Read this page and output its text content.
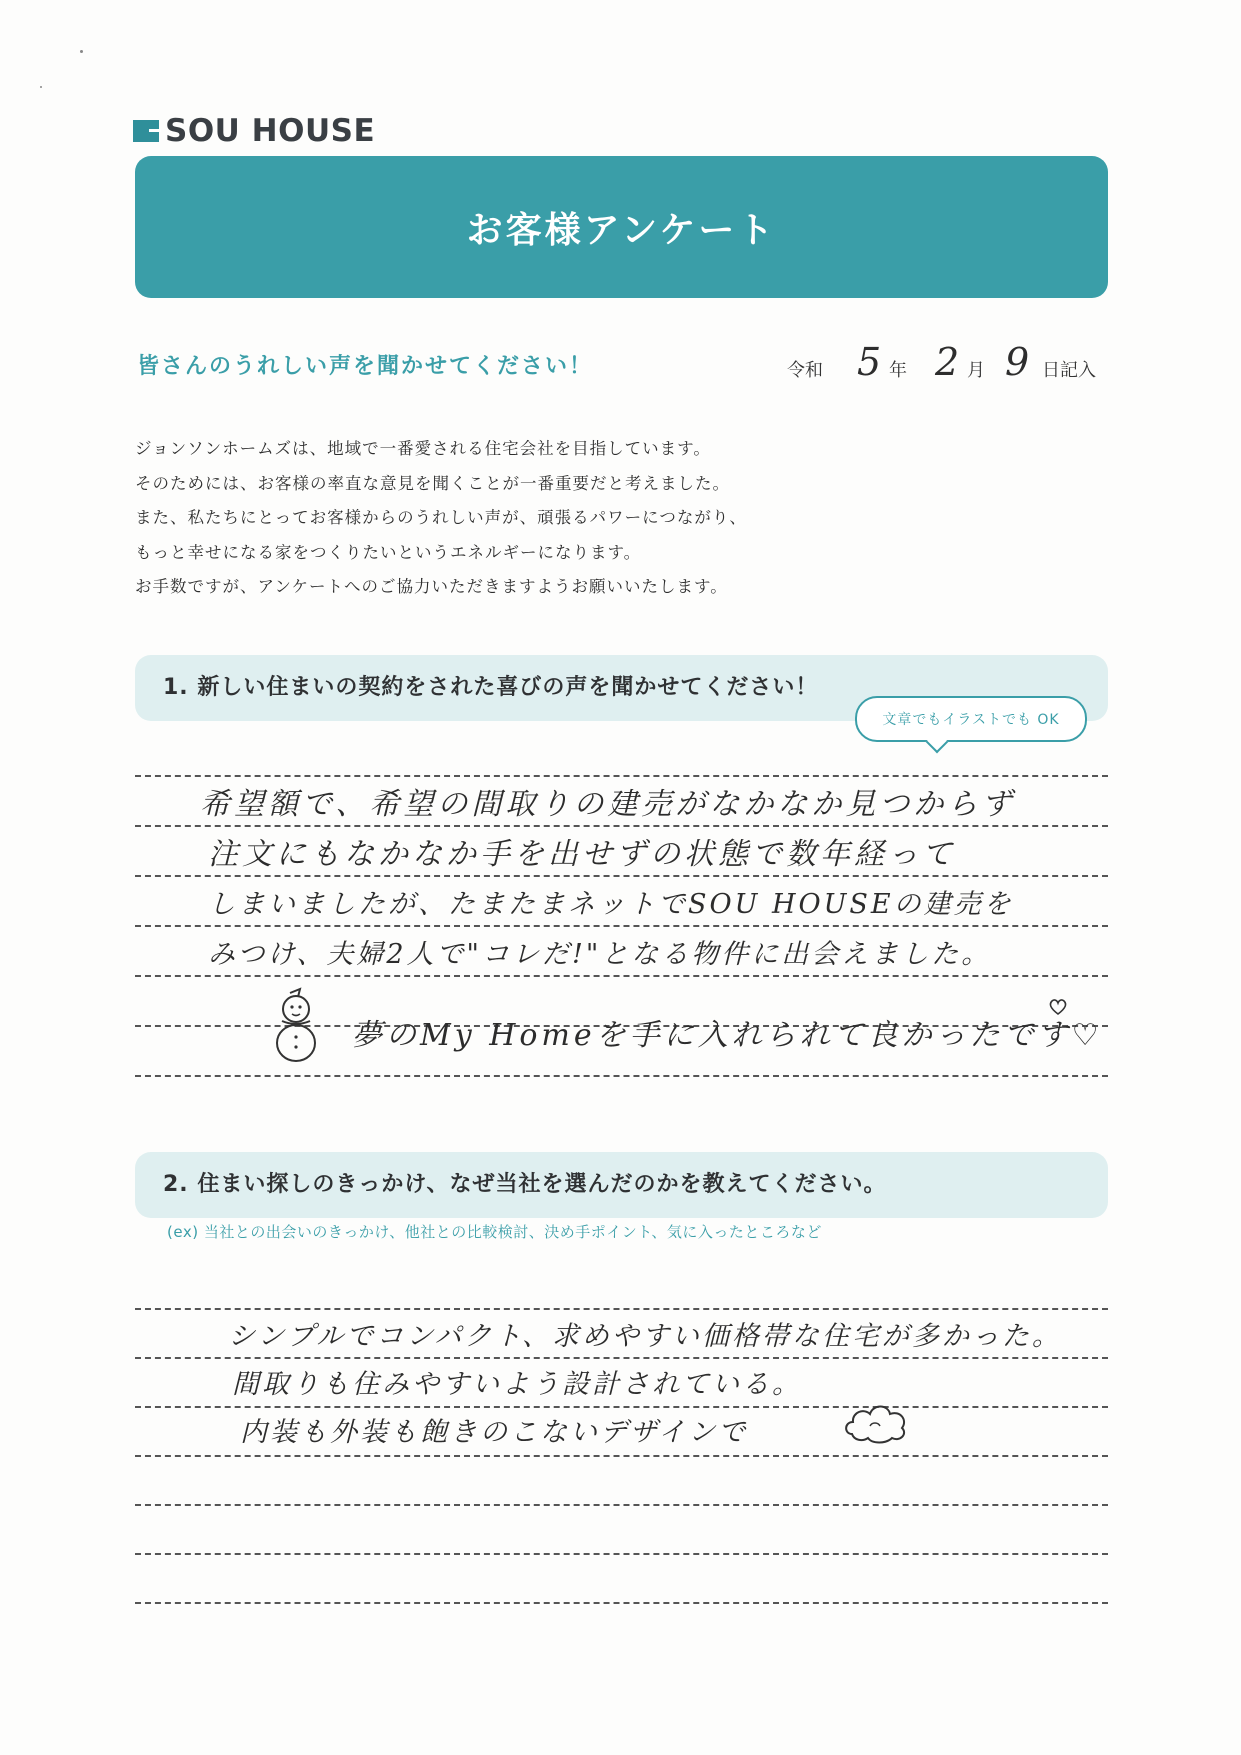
SOU HOUSE
お客様アンケート
皆さんのうれしい声を聞かせてください！	令和 5 年 2 月 9 日記入
ジョンソンホームズは、地域で一番愛される住宅会社を目指しています。
そのためには、お客様の率直な意見を聞くことが一番重要だと考えました。
また、私たちにとってお客様からのうれしい声が、頑張るパワーにつながり、
もっと幸せになる家をつくりたいというエネルギーになります。
お手数ですが、アンケートへのご協力いただきますようお願いいたします。
1. 新しい住まいの契約をされた喜びの声を聞かせてください！
文章でもイラストでも OK
希望額で、希望の間取りの建売がなかなか見つからず
注文にもなかなか手を出せずの状態で数年経って
しまいましたが、たまたまネットでSOU HOUSEの建売を
みつけ、夫婦2人で"コレだ!"となる物件に出会えました。
夢のMy Homeを手に入れられて良かったです♡
2. 住まい探しのきっかけ、なぜ当社を選んだのかを教えてください。
(ex) 当社との出会いのきっかけ、他社との比較検討、決め手ポイント、気に入ったところなど
シンプルでコンパクト、求めやすい価格帯な住宅が多かった。
間取りも住みやすいよう設計されている。
内装も外装も飽きのこないデザインで
